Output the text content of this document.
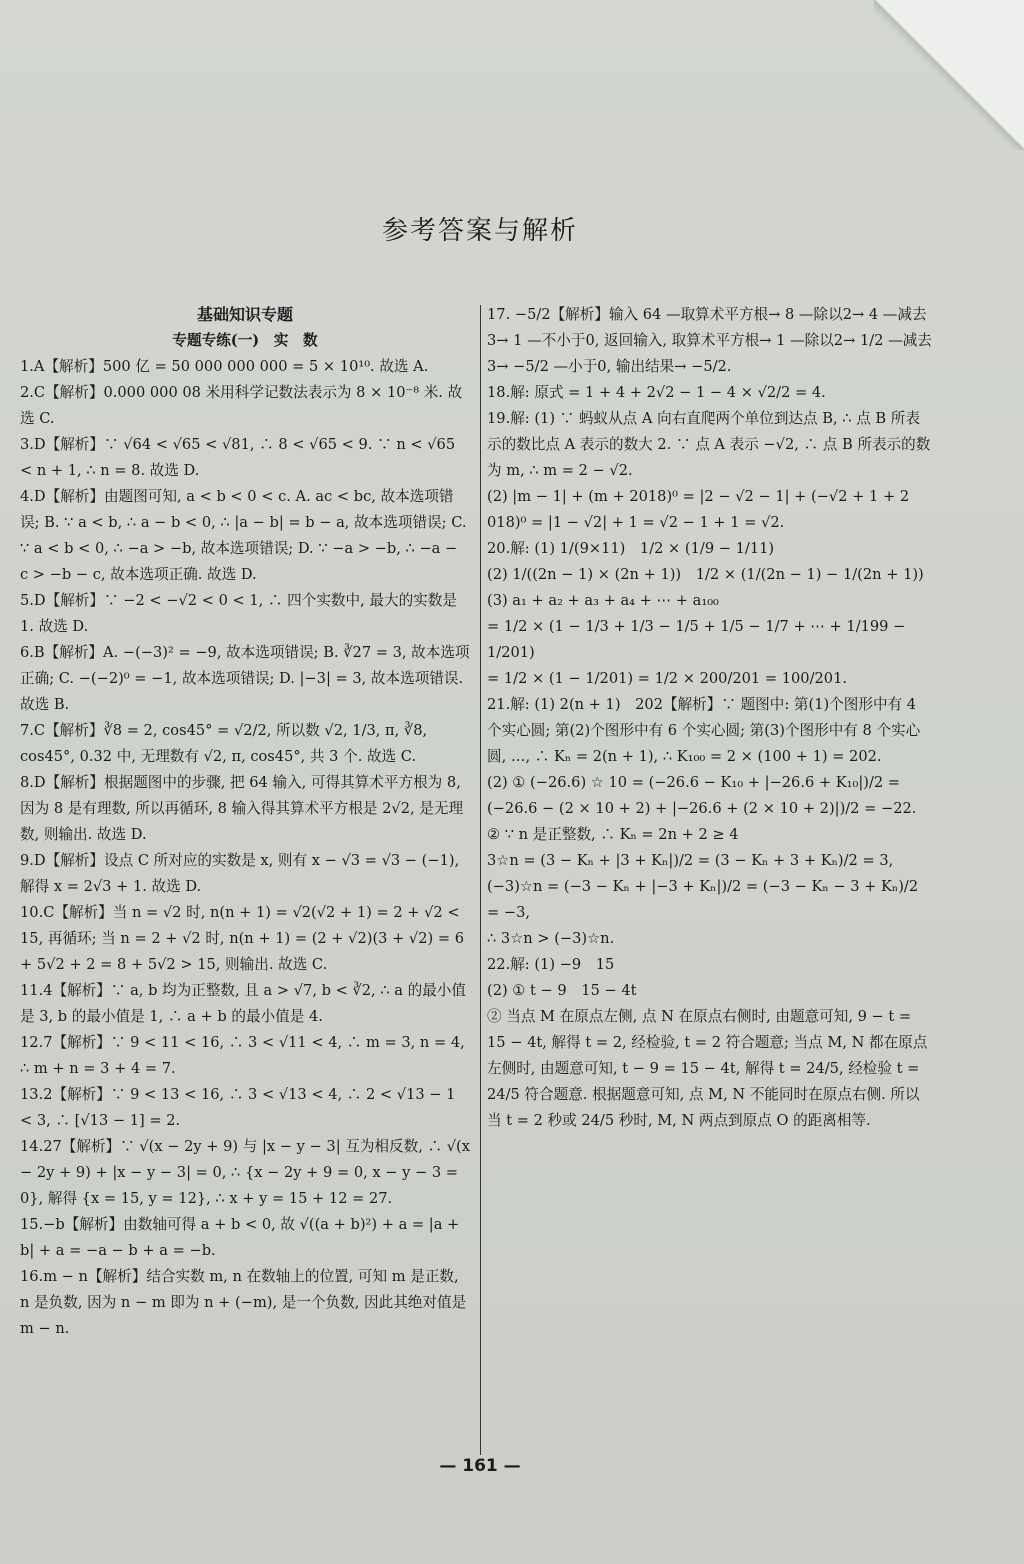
参考答案与解析
基础知识专题
专题专练(一)　实　数

1.A【解析】500 亿 = 50 000 000 000 = 5 × 10¹⁰. 故选 A.

2.C【解析】0.000 000 08 米用科学记数法表示为 8 × 10⁻⁸ 米. 故选 C.

3.D【解析】∵ √64 < √65 < √81, ∴ 8 < √65 < 9. ∵ n < √65 < n + 1, ∴ n = 8. 故选 D.

4.D【解析】由题图可知, a < b < 0 < c. A. ac < bc, 故本选项错误; B. ∵ a < b, ∴ a − b < 0, ∴ |a − b| = b − a, 故本选项错误; C. ∵ a < b < 0, ∴ −a > −b, 故本选项错误; D. ∵ −a > −b, ∴ −a − c > −b − c, 故本选项正确. 故选 D.

5.D【解析】∵ −2 < −√2 < 0 < 1, ∴ 四个实数中, 最大的实数是 1. 故选 D.

6.B【解析】A. −(−3)² = −9, 故本选项错误; B. ∛27 = 3, 故本选项正确; C. −(−2)⁰ = −1, 故本选项错误; D. |−3| = 3, 故本选项错误. 故选 B.

7.C【解析】∛8 = 2, cos45° = √2/2, 所以数 √2, 1/3, π, ∛8, cos45°, 0.32 中, 无理数有 √2, π, cos45°, 共 3 个. 故选 C.

8.D【解析】根据题图中的步骤, 把 64 输入, 可得其算术平方根为 8, 因为 8 是有理数, 所以再循环, 8 输入得其算术平方根是 2√2, 是无理数, 则输出. 故选 D.

9.D【解析】设点 C 所对应的实数是 x, 则有 x − √3 = √3 − (−1), 解得 x = 2√3 + 1. 故选 D.

10.C【解析】当 n = √2 时, n(n + 1) = √2(√2 + 1) = 2 + √2 < 15, 再循环; 当 n = 2 + √2 时, n(n + 1) = (2 + √2)(3 + √2) = 6 + 5√2 + 2 = 8 + 5√2 > 15, 则输出. 故选 C.

11.4【解析】∵ a, b 均为正整数, 且 a > √7, b < ∛2, ∴ a 的最小值是 3, b 的最小值是 1, ∴ a + b 的最小值是 4.

12.7【解析】∵ 9 < 11 < 16, ∴ 3 < √11 < 4, ∴ m = 3, n = 4, ∴ m + n = 3 + 4 = 7.

13.2【解析】∵ 9 < 13 < 16, ∴ 3 < √13 < 4, ∴ 2 < √13 − 1 < 3, ∴ [√13 − 1] = 2.

14.27【解析】∵ √(x − 2y + 9) 与 |x − y − 3| 互为相反数, ∴ √(x − 2y + 9) + |x − y − 3| = 0, ∴ {x − 2y + 9 = 0, x − y − 3 = 0}, 解得 {x = 15, y = 12}, ∴ x + y = 15 + 12 = 27.

15.−b【解析】由数轴可得 a + b < 0, 故 √((a + b)²) + a = |a + b| + a = −a − b + a = −b.

16.m − n【解析】结合实数 m, n 在数轴上的位置, 可知 m 是正数, n 是负数, 因为 n − m 即为 n + (−m), 是一个负数, 因此其绝对值是 m − n.

17. −5/2【解析】输入 64 —取算术平方根→ 8 —除以2→ 4 —减去3→ 1 —不小于0, 返回输入, 取算术平方根→ 1 —除以2→ 1/2 —减去3→ −5/2 —小于0, 输出结果→ −5/2.

18.解: 原式 = 1 + 4 + 2√2 − 1 − 4 × √2/2 = 4.

19.解: (1) ∵ 蚂蚁从点 A 向右直爬两个单位到达点 B, ∴ 点 B 所表示的数比点 A 表示的数大 2. ∵ 点 A 表示 −√2, ∴ 点 B 所表示的数为 m, ∴ m = 2 − √2.

(2) |m − 1| + (m + 2018)⁰ = |2 − √2 − 1| + (−√2 + 1 + 2 018)⁰ = |1 − √2| + 1 = √2 − 1 + 1 = √2.

20.解: (1) 1/(9×11)　1/2 × (1/9 − 1/11)

(2) 1/((2n − 1) × (2n + 1))　1/2 × (1/(2n − 1) − 1/(2n + 1))

(3) a₁ + a₂ + a₃ + a₄ + ⋯ + a₁₀₀

= 1/2 × (1 − 1/3 + 1/3 − 1/5 + 1/5 − 1/7 + ⋯ + 1/199 − 1/201)

= 1/2 × (1 − 1/201) = 1/2 × 200/201 = 100/201.

21.解: (1) 2(n + 1)　202【解析】∵ 题图中: 第(1)个图形中有 4 个实心圆; 第(2)个图形中有 6 个实心圆; 第(3)个图形中有 8 个实心圆, …, ∴ Kₙ = 2(n + 1), ∴ K₁₀₀ = 2 × (100 + 1) = 202.

(2) ① (−26.6) ☆ 10 = (−26.6 − K₁₀ + |−26.6 + K₁₀|)/2 = (−26.6 − (2 × 10 + 2) + |−26.6 + (2 × 10 + 2)|)/2 = −22.

② ∵ n 是正整数, ∴ Kₙ = 2n + 2 ≥ 4

3☆n = (3 − Kₙ + |3 + Kₙ|)/2 = (3 − Kₙ + 3 + Kₙ)/2 = 3,

(−3)☆n = (−3 − Kₙ + |−3 + Kₙ|)/2 = (−3 − Kₙ − 3 + Kₙ)/2 = −3,

∴ 3☆n > (−3)☆n.

22.解: (1) −9　15

(2) ① t − 9　15 − 4t

② 当点 M 在原点左侧, 点 N 在原点右侧时, 由题意可知, 9 − t = 15 − 4t, 解得 t = 2, 经检验, t = 2 符合题意; 当点 M, N 都在原点左侧时, 由题意可知, t − 9 = 15 − 4t, 解得 t = 24/5, 经检验 t = 24/5 符合题意. 根据题意可知, 点 M, N 不能同时在原点右侧. 所以当 t = 2 秒或 24/5 秒时, M, N 两点到原点 O 的距离相等.

— 161 —
